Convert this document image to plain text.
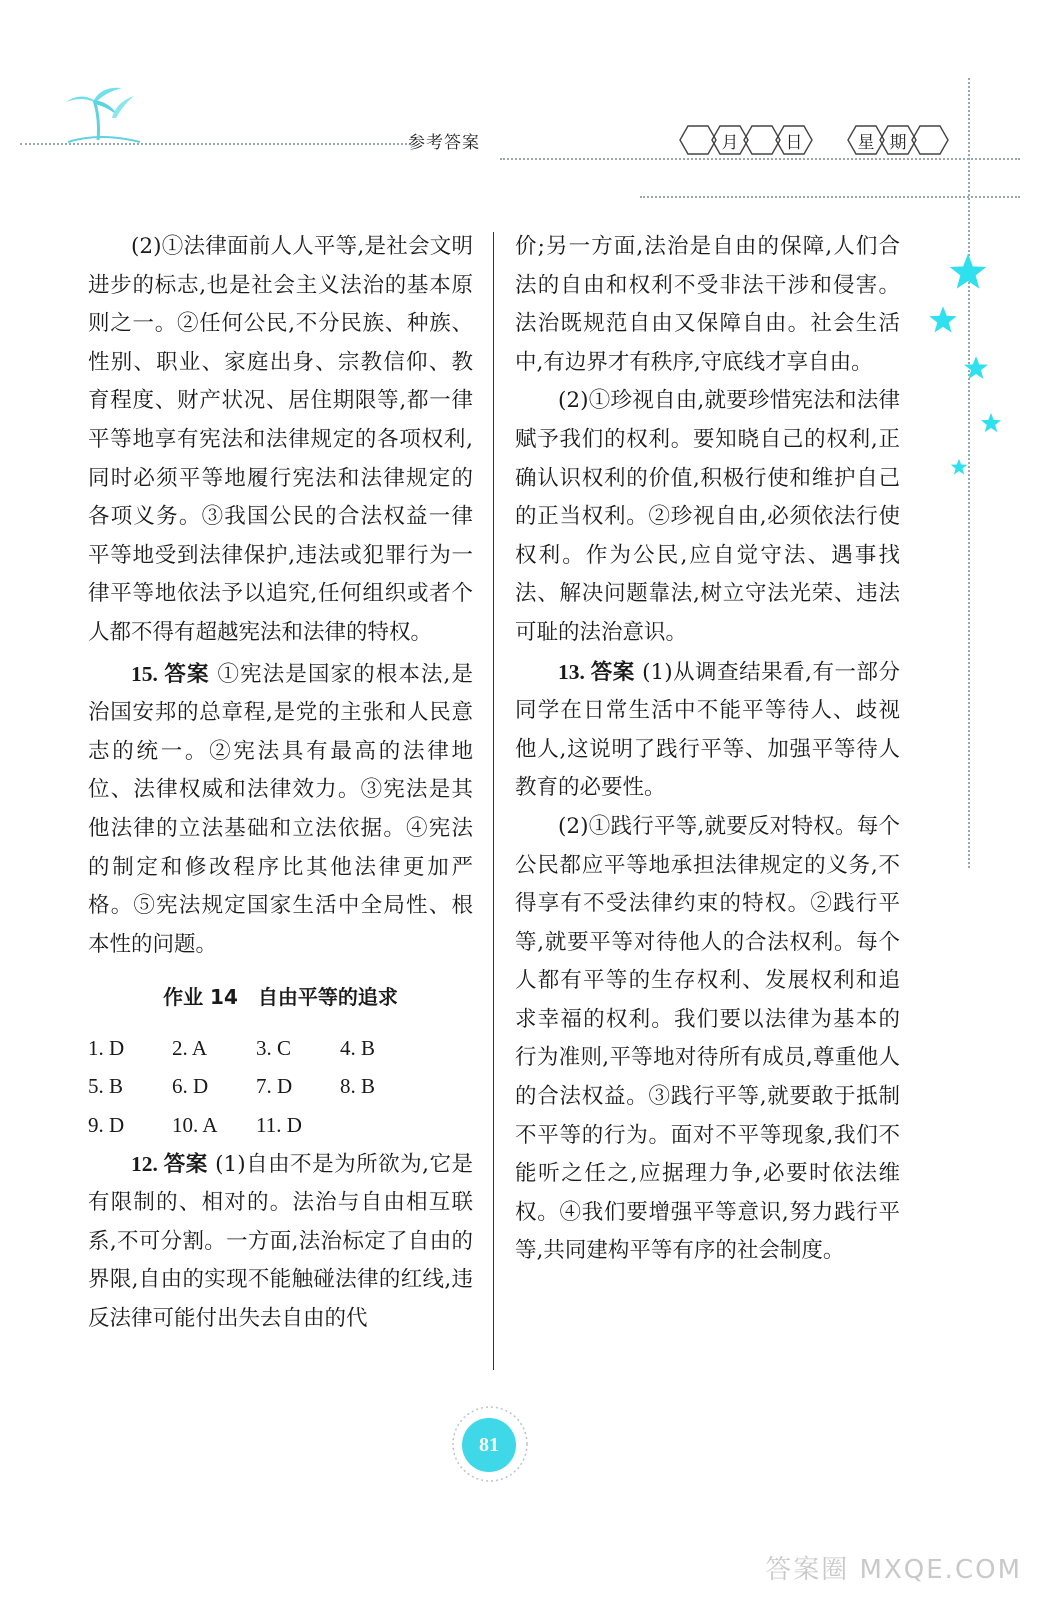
参考答案	月	日	星 期

(2)①法律面前人人平等,是社会文明进步的标志,也是社会主义法治的基本原则之一。②任何公民,不分民族、种族、性别、职业、家庭出身、宗教信仰、教育程度、财产状况、居住期限等,都一律平等地享有宪法和法律规定的各项权利,同时必须平等地履行宪法和法律规定的各项义务。③我国公民的合法权益一律平等地受到法律保护,违法或犯罪行为一律平等地依法予以追究,任何组织或者个人都不得有超越宪法和法律的特权。

15. 答案 ①宪法是国家的根本法,是治国安邦的总章程,是党的主张和人民意志的统一。②宪法具有最高的法律地位、法律权威和法律效力。③宪法是其他法律的立法基础和立法依据。④宪法的制定和修改程序比其他法律更加严格。⑤宪法规定国家生活中全局性、根本性的问题。

作业 14　自由平等的追求

1. D	2. A	3. C	4. B
5. B	6. D	7. D	8. B
9. D	10. A	11. D

12. 答案 (1)自由不是为所欲为,它是有限制的、相对的。法治与自由相互联系,不可分割。一方面,法治标定了自由的界限,自由的实现不能触碰法律的红线,违反法律可能付出失去自由的代

价;另一方面,法治是自由的保障,人们合法的自由和权利不受非法干涉和侵害。法治既规范自由又保障自由。社会生活中,有边界才有秩序,守底线才享自由。

(2)①珍视自由,就要珍惜宪法和法律赋予我们的权利。要知晓自己的权利,正确认识权利的价值,积极行使和维护自己的正当权利。②珍视自由,必须依法行使权利。作为公民,应自觉守法、遇事找法、解决问题靠法,树立守法光荣、违法可耻的法治意识。

13. 答案 (1)从调查结果看,有一部分同学在日常生活中不能平等待人、歧视他人,这说明了践行平等、加强平等待人教育的必要性。

(2)①践行平等,就要反对特权。每个公民都应平等地承担法律规定的义务,不得享有不受法律约束的特权。②践行平等,就要平等对待他人的合法权利。每个人都有平等的生存权利、发展权利和追求幸福的权利。我们要以法律为基本的行为准则,平等地对待所有成员,尊重他人的合法权益。③践行平等,就要敢于抵制不平等的行为。面对不平等现象,我们不能听之任之,应据理力争,必要时依法维权。④我们要增强平等意识,努力践行平等,共同建构平等有序的社会制度。

81
答案圈 MXQE.COM
